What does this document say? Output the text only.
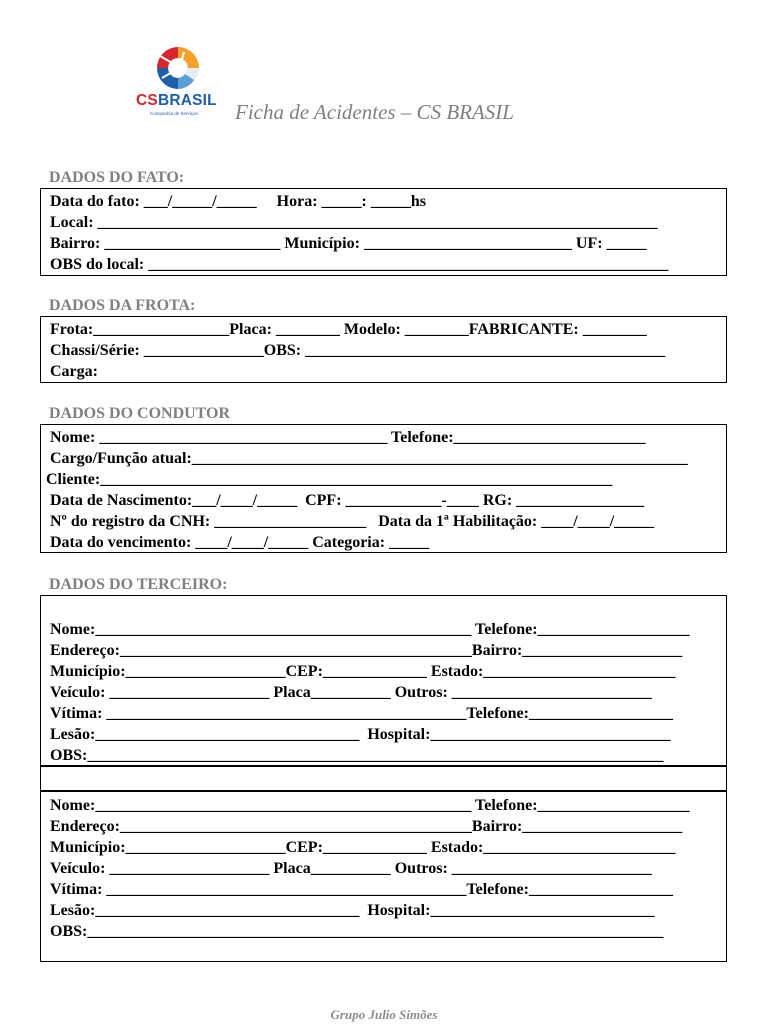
CSBRASIL
Companhia de Serviços	Ficha de Acidentes – CS BRASIL
DADOS DO FATO:
Data do fato: ___/_____/_____     Hora: _____: _____hs
Local: ______________________________________________________________________
Bairro: ______________________ Município: __________________________ UF: _____
OBS do local: _________________________________________________________________
DADOS DA FROTA:
Frota:_________________Placa: ________ Modelo: ________FABRICANTE: ________
Chassi/Série: _______________OBS: _____________________________________________
Carga:
DADOS DO CONDUTOR
Nome: ____________________________________ Telefone:________________________
Cargo/Função atual:______________________________________________________________
Cliente:________________________________________________________________
Data de Nascimento:___/____/_____  CPF: ____________-____ RG: ________________
Nº do registro da CNH: ___________________   Data da 1ª Habilitação: ____/____/_____
Data do vencimento: ____/____/_____ Categoria: _____
DADOS DO TERCEIRO:
Nome:_______________________________________________ Telefone:___________________
Endereço:____________________________________________Bairro:____________________
Município:____________________CEP:_____________ Estado:________________________
Veículo: ____________________ Placa__________ Outros: _________________________
Vítima: _____________________________________________Telefone:__________________
Lesão:_________________________________  Hospital:______________________________
OBS:________________________________________________________________________
Nome:_______________________________________________ Telefone:___________________
Endereço:____________________________________________Bairro:____________________
Município:____________________CEP:_____________ Estado:________________________
Veículo: ____________________ Placa__________ Outros: _________________________
Vítima: _____________________________________________Telefone:__________________
Lesão:_________________________________  Hospital:____________________________
OBS:________________________________________________________________________
Grupo Julio Simões
